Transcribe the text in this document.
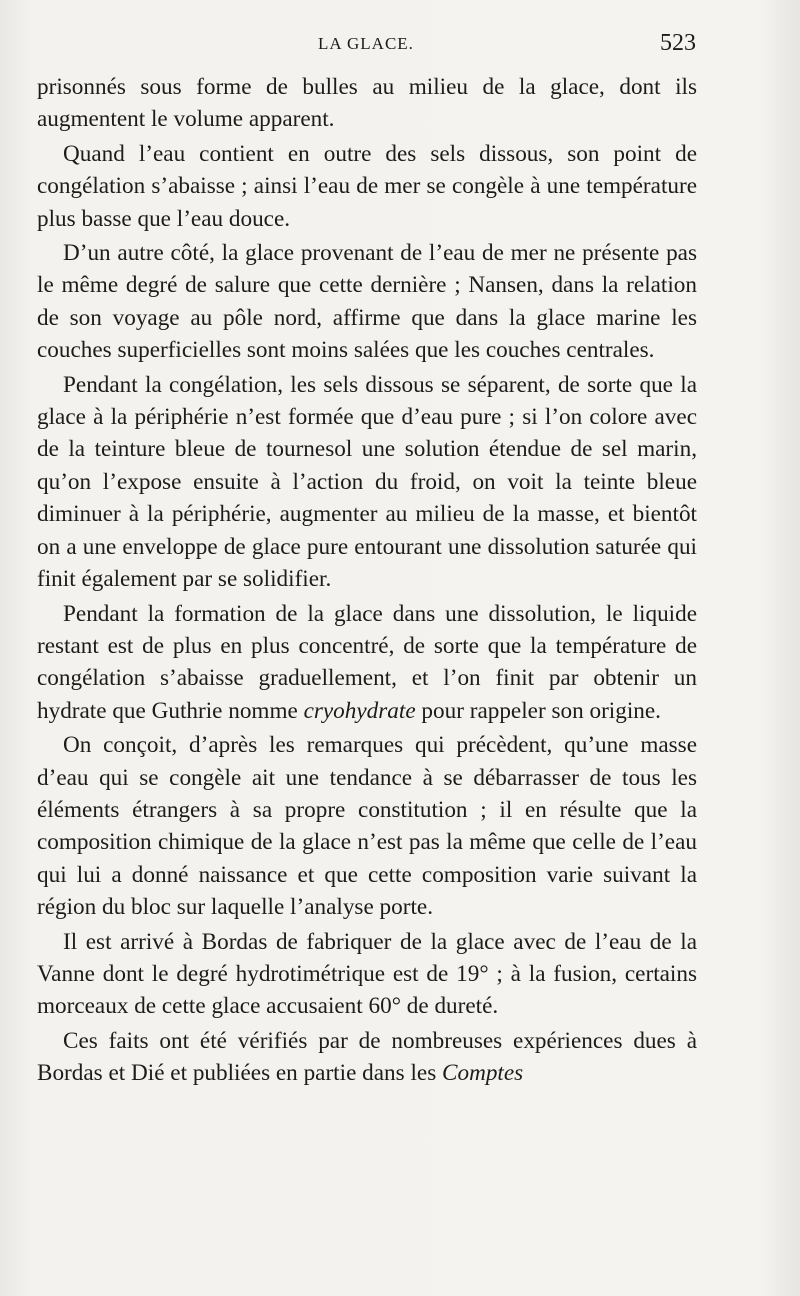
LA GLACE.	523

prisonnés sous forme de bulles au milieu de la glace, dont ils augmentent le volume apparent.

Quand l’eau contient en outre des sels dissous, son point de congélation s’abaisse ; ainsi l’eau de mer se congèle à une température plus basse que l’eau douce.

D’un autre côté, la glace provenant de l’eau de mer ne présente pas le même degré de salure que cette dernière ; Nansen, dans la relation de son voyage au pôle nord, affirme que dans la glace marine les couches superficielles sont moins salées que les couches centrales.

Pendant la congélation, les sels dissous se séparent, de sorte que la glace à la périphérie n’est formée que d’eau pure ; si l’on colore avec de la teinture bleue de tournesol une solution étendue de sel marin, qu’on l’expose ensuite à l’action du froid, on voit la teinte bleue diminuer à la périphérie, augmenter au milieu de la masse, et bientôt on a une enveloppe de glace pure entourant une dissolution saturée qui finit également par se solidifier.

Pendant la formation de la glace dans une dissolution, le liquide restant est de plus en plus concentré, de sorte que la température de congélation s’abaisse graduellement, et l’on finit par obtenir un hydrate que Guthrie nomme cryohydrate pour rappeler son origine.

On conçoit, d’après les remarques qui précèdent, qu’une masse d’eau qui se congèle ait une tendance à se débarrasser de tous les éléments étrangers à sa propre constitution ; il en résulte que la composition chimique de la glace n’est pas la même que celle de l’eau qui lui a donné naissance et que cette composition varie suivant la région du bloc sur laquelle l’analyse porte.

Il est arrivé à Bordas de fabriquer de la glace avec de l’eau de la Vanne dont le degré hydrotimétrique est de 19° ; à la fusion, certains morceaux de cette glace accusaient 60° de dureté.

Ces faits ont été vérifiés par de nombreuses expériences dues à Bordas et Dié et publiées en partie dans les Comptes
